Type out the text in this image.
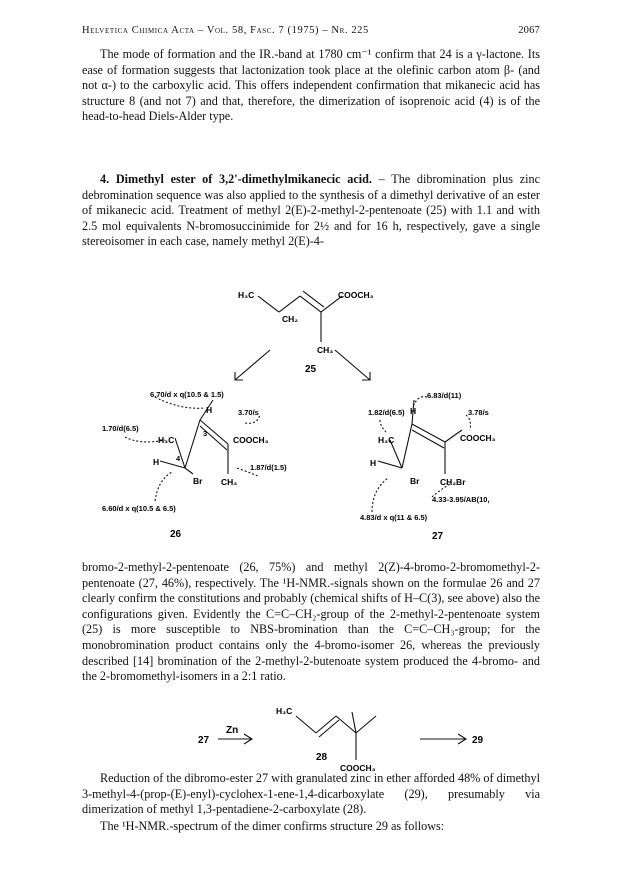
Helvetica Chimica Acta – Vol. 58, Fasc. 7 (1975) – Nr. 225	2067

The mode of formation and the IR.-band at 1780 cm⁻¹ confirm that 24 is a γ-lactone. Its ease of formation suggests that lactonization took place at the olefinic carbon atom β- (and not α-) to the carboxylic acid. This offers independent confirmation that mikanecic acid has structure 8 (and not 7) and that, therefore, the dimerization of isoprenoic acid (4) is of the head-to-head Diels-Alder type.

4. Dimethyl ester of 3,2'-dimethylmikanecic acid. – The dibromination plus zinc debromination sequence was also applied to the synthesis of a dimethyl derivative of an ester of mikanecic acid. Treatment of methyl 2(E)-2-methyl-2-pentenoate (25) with 1.1 and with 2.5 mol equivalents N-bromosuccinimide for 2½ and for 16 h, respectively, gave a single stereoisomer in each case, namely methyl 2(E)-4-

bromo-2-methyl-2-pentenoate (26, 75%) and methyl 2(Z)-4-bromo-2-bromomethyl-2-pentenoate (27, 46%), respectively. The ¹H-NMR.-signals shown on the formulae 26 and 27 clearly confirm the constitutions and probably (chemical shifts of H–C(3), see above) also the configurations given. Evidently the C=C–CH₂-group of the 2-methyl-2-pentenoate system (25) is more susceptible to NBS-bromination than the C=C–CH₃-group; for the monobromination product contains only the 4-bromo-isomer 26, whereas the previously described [14] bromination of the 2-methyl-2-butenoate system produced the 4-bromo- and the 2-bromomethyl-isomers in a 2:1 ratio.

Reduction of the dibromo-ester 27 with granulated zinc in ether afforded 48% of dimethyl 3-methyl-4-(prop-(E)-enyl)-cyclohex-1-ene-1,4-dicarboxylate (29), presumably via dimerization of methyl 1,3-pentadiene-2-carboxylate (28).

The ¹H-NMR.-spectrum of the dimer confirms structure 29 as follows:

H₃C	COOCH₃
CH₂
CH₃
25
6.70/d x q(10.5 & 1.5)
1.70/d(6.5)
3.70/s
1.87/d(1.5)
6.60/d x q(10.5 & 6.5)
H₃C
H
H
Br
COOCH₃
CH₃
3
4
26
6.83/d(11)
1.82/d(6.5)	3.78/s
4.33-3.95/AB(10,
4.83/d x q(11 & 6.5)
H₃C
H
H
Br
COOCH₃
CH₂Br
27
27
Zn
H₃C
COOCH₃
28
29
